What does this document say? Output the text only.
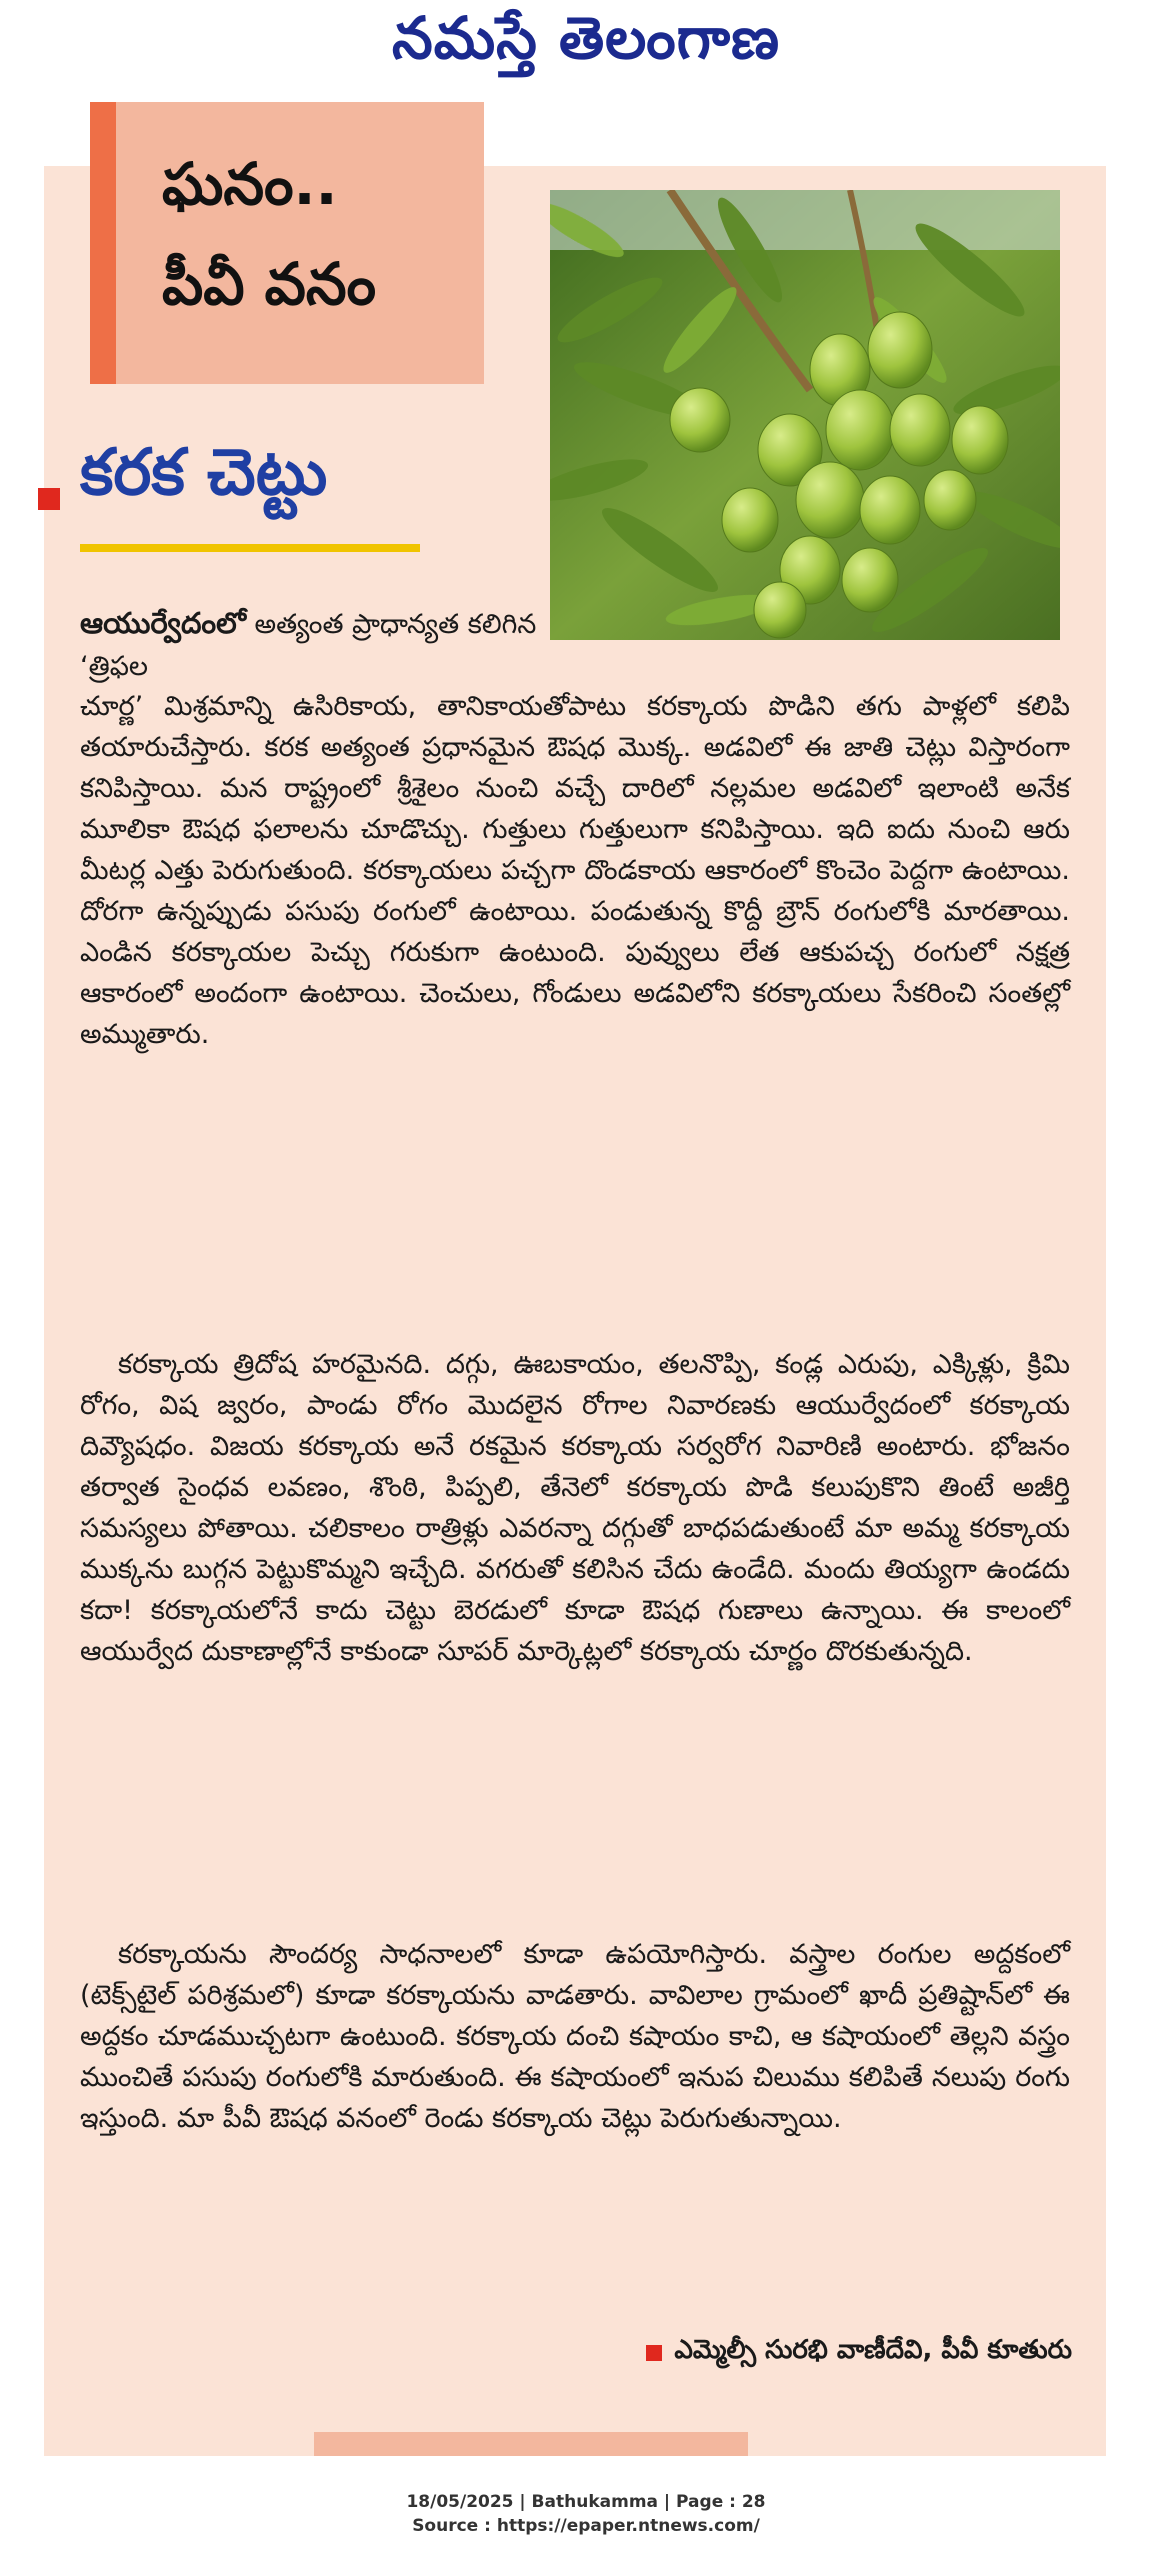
నమస్తే తెలంగాణ
ఘనం..
పీవీ వనం
కరక చెట్టు
ఆయుర్వేదంలో అత్యంత ప్రాధాన్యత కలిగిన ‘త్రిఫల
చూర్ణ’ మిశ్రమాన్ని ఉసిరికాయ, తానికాయతోపాటు కరక్కాయ పొడిని తగు పాళ్లలో కలిపి తయారుచేస్తారు. కరక అత్యంత ప్రధానమైన ఔషధ మొక్క. అడవిలో ఈ జాతి చెట్లు విస్తారంగా కనిపిస్తాయి. మన రాష్ట్రంలో శ్రీశైలం నుంచి వచ్చే దారిలో నల్లమల అడవిలో ఇలాంటి అనేక మూలికా ఔషధ ఫలాలను చూడొచ్చు. గుత్తులు గుత్తులుగా కనిపిస్తాయి. ఇది ఐదు నుంచి ఆరు మీటర్ల ఎత్తు పెరుగుతుంది. కరక్కాయలు పచ్చగా దొండకాయ ఆకారంలో కొంచెం పెద్దగా ఉంటాయి. దోరగా ఉన్నప్పుడు పసుపు రంగులో ఉంటాయి. పండుతున్న కొద్దీ బ్రౌన్ రంగులోకి మారతాయి. ఎండిన కరక్కాయల పెచ్చు గరుకుగా ఉంటుంది. పువ్వులు లేత ఆకుపచ్చ రంగులో నక్షత్ర ఆకారంలో అందంగా ఉంటాయి. చెంచులు, గోండులు అడవిలోని కరక్కాయలు సేకరించి సంతల్లో అమ్ముతారు.
కరక్కాయ త్రిదోష హరమైనది. దగ్గు, ఊబకాయం, తలనొప్పి, కండ్ల ఎరుపు, ఎక్కిళ్లు, క్రిమి రోగం, విష జ్వరం, పాండు రోగం మొదలైన రోగాల నివారణకు ఆయుర్వేదంలో కరక్కాయ దివ్యౌషధం. విజయ కరక్కాయ అనే రకమైన కరక్కాయ సర్వరోగ నివారిణి అంటారు. భోజనం తర్వాత సైంధవ లవణం, శొంఠి, పిప్పలి, తేనెలో కరక్కాయ పొడి కలుపుకొని తింటే అజీర్తి సమస్యలు పోతాయి. చలికాలం రాత్రిళ్లు ఎవరన్నా దగ్గుతో బాధపడుతుంటే మా అమ్మ కరక్కాయ ముక్కను బుగ్గన పెట్టుకొమ్మని ఇచ్చేది. వగరుతో కలిసిన చేదు ఉండేది. మందు తియ్యగా ఉండదు కదా! కరక్కాయలోనే కాదు చెట్టు బెరడులో కూడా ఔషధ గుణాలు ఉన్నాయి. ఈ కాలంలో ఆయుర్వేద దుకాణాల్లోనే కాకుండా సూపర్ మార్కెట్లలో కరక్కాయ చూర్ణం దొరకుతున్నది.
కరక్కాయను సౌందర్య సాధనాలలో కూడా ఉపయోగిస్తారు. వస్త్రాల రంగుల అద్దకంలో (టెక్స్‌టైల్ పరిశ్రమలో) కూడా కరక్కాయను వాడతారు. వావిలాల గ్రామంలో ఖాదీ ప్రతిష్టాన్‌లో ఈ అద్దకం చూడముచ్చటగా ఉంటుంది. కరక్కాయ దంచి కషాయం కాచి, ఆ కషాయంలో తెల్లని వస్త్రం ముంచితే పసుపు రంగులోకి మారుతుంది. ఈ కషాయంలో ఇనుప చిలుము కలిపితే నలుపు రంగు ఇస్తుంది. మా పీవీ ఔషధ వనంలో రెండు కరక్కాయ చెట్లు పెరుగుతున్నాయి.
ఎమ్మెల్సీ సురభి వాణీదేవి, పీవీ కూతురు
18/05/2025 | Bathukamma | Page : 28
Source : https://epaper.ntnews.com/
